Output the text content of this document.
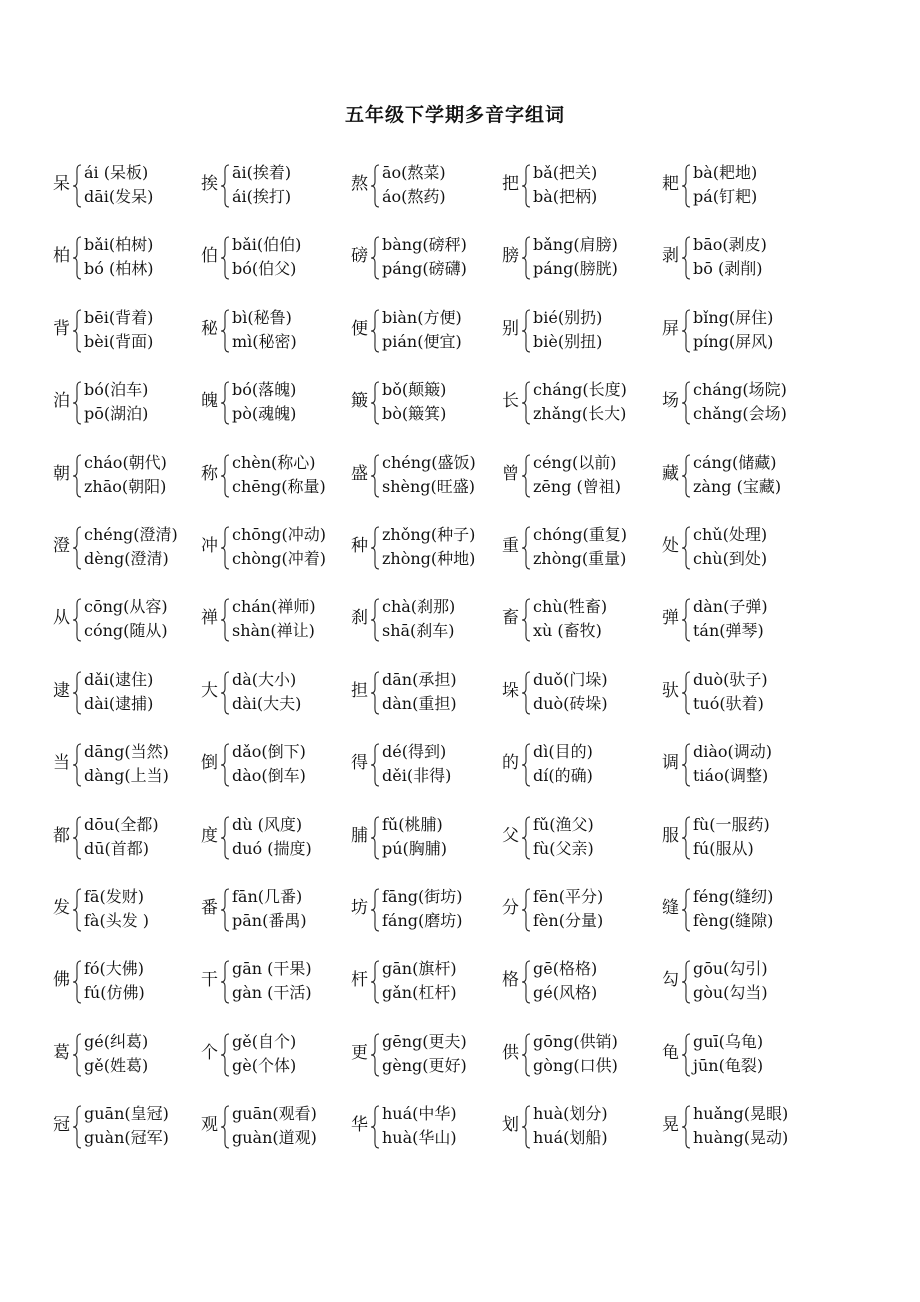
五年级下学期多音字组词
呆
ái (呆板)
dāi(发呆)
挨
āi(挨着)
ái(挨打)
熬
āo(熬菜)
áo(熬药)
把
bǎ(把关)
bà(把柄)
耙
bà(耙地)
pá(钉耙)
柏
bǎi(柏树)
bó (柏林)
伯
bǎi(伯伯)
bó(伯父)
磅
bàng(磅秤)
páng(磅礴)
膀
bǎng(肩膀)
páng(膀胱)
剥
bāo(剥皮)
bō (剥削)
背
bēi(背着)
bèi(背面)
秘
bì(秘鲁)
mì(秘密)
便
biàn(方便)
pián(便宜)
别
bié(别扔)
biè(别扭)
屏
bǐng(屏住)
píng(屏风)
泊
bó(泊车)
pō(湖泊)
魄
bó(落魄)
pò(魂魄)
簸
bǒ(颠簸)
bò(簸箕)
长
cháng(长度)
zhǎng(长大)
场
cháng(场院)
chǎng(会场)
朝
cháo(朝代)
zhāo(朝阳)
称
chèn(称心)
chēng(称量)
盛
chéng(盛饭)
shèng(旺盛)
曾
céng(以前)
zēng (曾祖)
藏
cáng(储藏)
zàng (宝藏)
澄
chéng(澄清)
dèng(澄清)
冲
chōng(冲动)
chòng(冲着)
种
zhǒng(种子)
zhòng(种地)
重
chóng(重复)
zhòng(重量)
处
chǔ(处理)
chù(到处)
从
cōng(从容)
cóng(随从)
禅
chán(禅师)
shàn(禅让)
刹
chà(刹那)
shā(刹车)
畜
chù(牲畜)
xù (畜牧)
弹
dàn(子弹)
tán(弹琴)
逮
dǎi(逮住)
dài(逮捕)
大
dà(大小)
dài(大夫)
担
dān(承担)
dàn(重担)
垛
duǒ(门垛)
duò(砖垛)
驮
duò(驮子)
tuó(驮着)
当
dāng(当然)
dàng(上当)
倒
dǎo(倒下)
dào(倒车)
得
dé(得到)
děi(非得)
的
dì(目的)
dí(的确)
调
diào(调动)
tiáo(调整)
都
dōu(全都)
dū(首都)
度
dù (风度)
duó (揣度)
脯
fǔ(桃脯)
pú(胸脯)
父
fǔ(渔父)
fù(父亲)
服
fù(一服药)
fú(服从)
发
fā(发财)
fà(头发 )
番
fān(几番)
pān(番禺)
坊
fāng(街坊)
fáng(磨坊)
分
fēn(平分)
fèn(分量)
缝
féng(缝纫)
fèng(缝隙)
佛
fó(大佛)
fú(仿佛)
干
gān (干果)
gàn (干活)
杆
gān(旗杆)
gǎn(杠杆)
格
gē(格格)
gé(风格)
勾
gōu(勾引)
gòu(勾当)
葛
gé(纠葛)
gě(姓葛)
个
gě(自个)
gè(个体)
更
gēng(更夫)
gèng(更好)
供
gōng(供销)
gòng(口供)
龟
guī(乌龟)
jūn(龟裂)
冠
guān(皇冠)
guàn(冠军)
观
guān(观看)
guàn(道观)
华
huá(中华)
huà(华山)
划
huà(划分)
huá(划船)
晃
huǎng(晃眼)
huàng(晃动)
